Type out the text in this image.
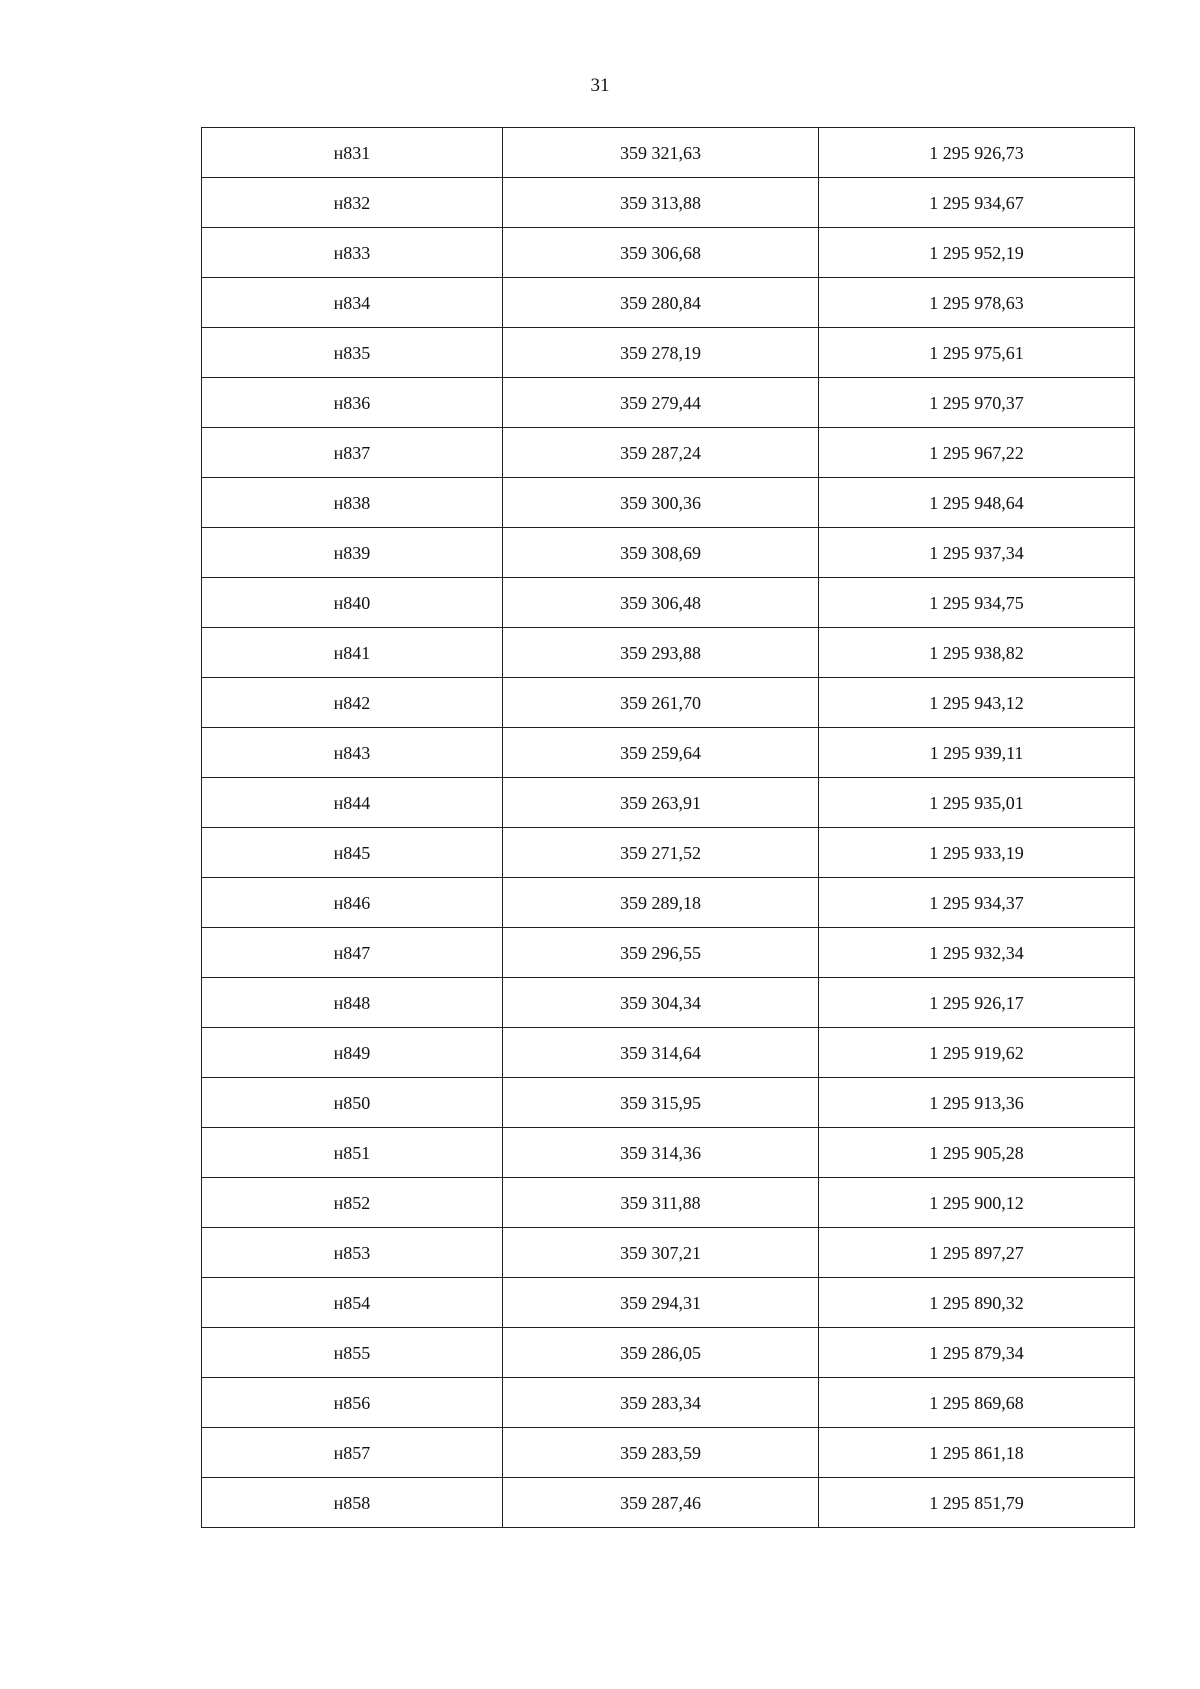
31
н831	359 321,63	1 295 926,73
н832	359 313,88	1 295 934,67
н833	359 306,68	1 295 952,19
н834	359 280,84	1 295 978,63
н835	359 278,19	1 295 975,61
н836	359 279,44	1 295 970,37
н837	359 287,24	1 295 967,22
н838	359 300,36	1 295 948,64
н839	359 308,69	1 295 937,34
н840	359 306,48	1 295 934,75
н841	359 293,88	1 295 938,82
н842	359 261,70	1 295 943,12
н843	359 259,64	1 295 939,11
н844	359 263,91	1 295 935,01
н845	359 271,52	1 295 933,19
н846	359 289,18	1 295 934,37
н847	359 296,55	1 295 932,34
н848	359 304,34	1 295 926,17
н849	359 314,64	1 295 919,62
н850	359 315,95	1 295 913,36
н851	359 314,36	1 295 905,28
н852	359 311,88	1 295 900,12
н853	359 307,21	1 295 897,27
н854	359 294,31	1 295 890,32
н855	359 286,05	1 295 879,34
н856	359 283,34	1 295 869,68
н857	359 283,59	1 295 861,18
н858	359 287,46	1 295 851,79
